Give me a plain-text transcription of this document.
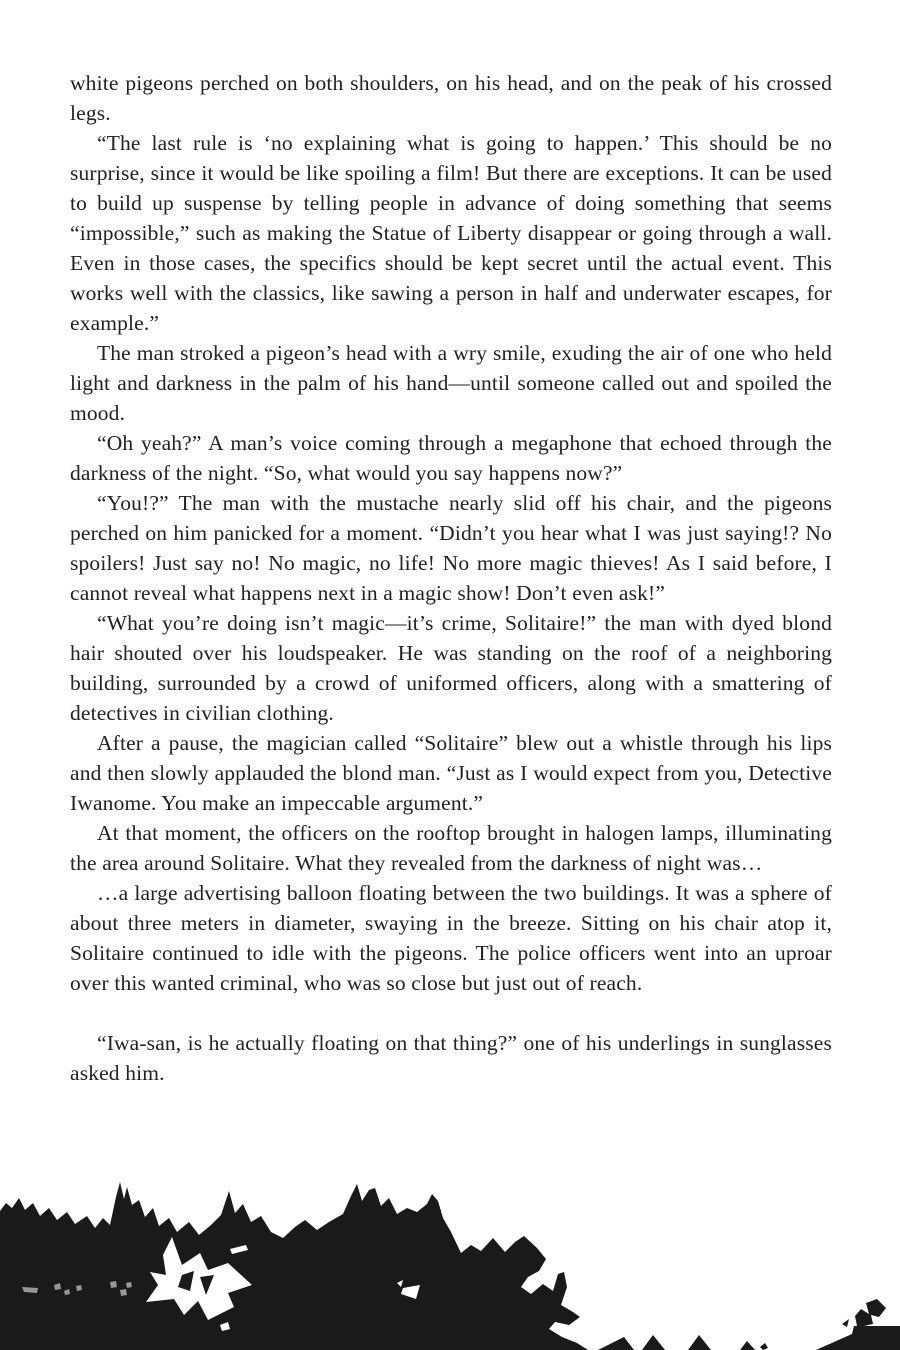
white pigeons perched on both shoulders, on his head, and on the peak of his crossed legs.

“The last rule is ‘no explaining what is going to happen.’ This should be no surprise, since it would be like spoiling a film! But there are exceptions. It can be used to build up suspense by telling people in advance of doing something that seems “impossible,” such as making the Statue of Liberty disappear or going through a wall. Even in those cases, the specifics should be kept secret until the actual event. This works well with the classics, like sawing a person in half and underwater escapes, for example.”

The man stroked a pigeon’s head with a wry smile, exuding the air of one who held light and darkness in the palm of his hand—until someone called out and spoiled the mood.

“Oh yeah?” A man’s voice coming through a megaphone that echoed through the darkness of the night. “So, what would you say happens now?”

“You!?” The man with the mustache nearly slid off his chair, and the pigeons perched on him panicked for a moment. “Didn’t you hear what I was just saying!? No spoilers! Just say no! No magic, no life! No more magic thieves! As I said before, I cannot reveal what happens next in a magic show! Don’t even ask!”

“What you’re doing isn’t magic—it’s crime, Solitaire!” the man with dyed blond hair shouted over his loudspeaker. He was standing on the roof of a neighboring building, surrounded by a crowd of uniformed officers, along with a smattering of detectives in civilian clothing.

After a pause, the magician called “Solitaire” blew out a whistle through his lips and then slowly applauded the blond man. “Just as I would expect from you, Detective Iwanome. You make an impeccable argument.”

At that moment, the officers on the rooftop brought in halogen lamps, illuminating the area around Solitaire. What they revealed from the darkness of night was…

…a large advertising balloon floating between the two buildings. It was a sphere of about three meters in diameter, swaying in the breeze. Sitting on his chair atop it, Solitaire continued to idle with the pigeons. The police officers went into an uproar over this wanted criminal, who was so close but just out of reach.

“Iwa-san, is he actually floating on that thing?” one of his underlings in sunglasses asked him.
